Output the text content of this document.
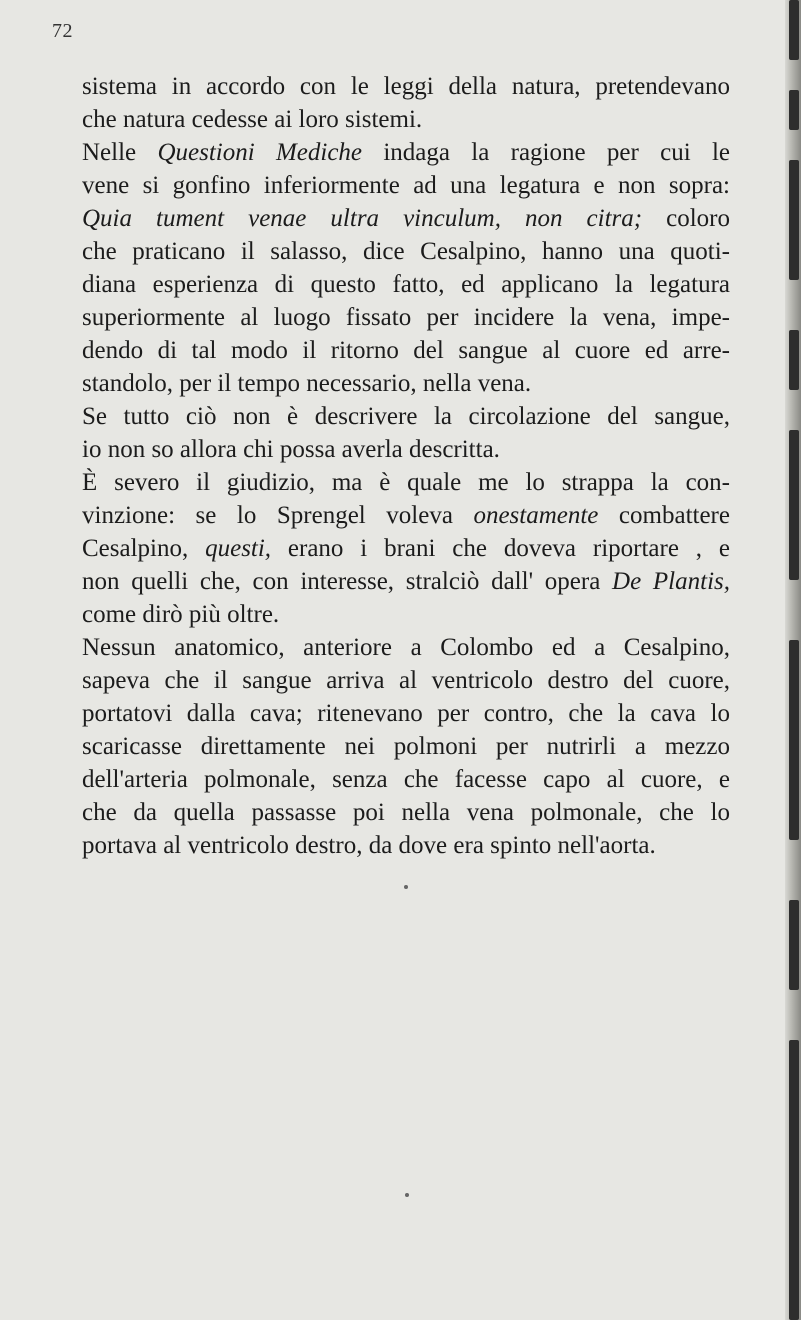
72
sistema in accordo con le leggi della natura, pretendevano
che natura cedesse ai loro sistemi.
Nelle Questioni Mediche indaga la ragione per cui le
vene si gonfino inferiormente ad una legatura e non sopra:
Quia tument venae ultra vinculum, non citra; coloro
che praticano il salasso, dice Cesalpino, hanno una quoti-
diana esperienza di questo fatto, ed applicano la legatura
superiormente al luogo fissato per incidere la vena, impe-
dendo di tal modo il ritorno del sangue al cuore ed arre-
standolo, per il tempo necessario, nella vena.
Se tutto ciò non è descrivere la circolazione del sangue,
io non so allora chi possa averla descritta.
È severo il giudizio, ma è quale me lo strappa la con-
vinzione: se lo Sprengel voleva onestamente combattere
Cesalpino, questi, erano i brani che doveva riportare , e
non quelli che, con interesse, stralciò dall' opera De Plantis,
come dirò più oltre.
Nessun anatomico, anteriore a Colombo ed a Cesalpino,
sapeva che il sangue arriva al ventricolo destro del cuore,
portatovi dalla cava; ritenevano per contro, che la cava lo
scaricasse direttamente nei polmoni per nutrirli a mezzo
dell'arteria polmonale, senza che facesse capo al cuore, e
che da quella passasse poi nella vena polmonale, che lo
portava al ventricolo destro, da dove era spinto nell'aorta.
